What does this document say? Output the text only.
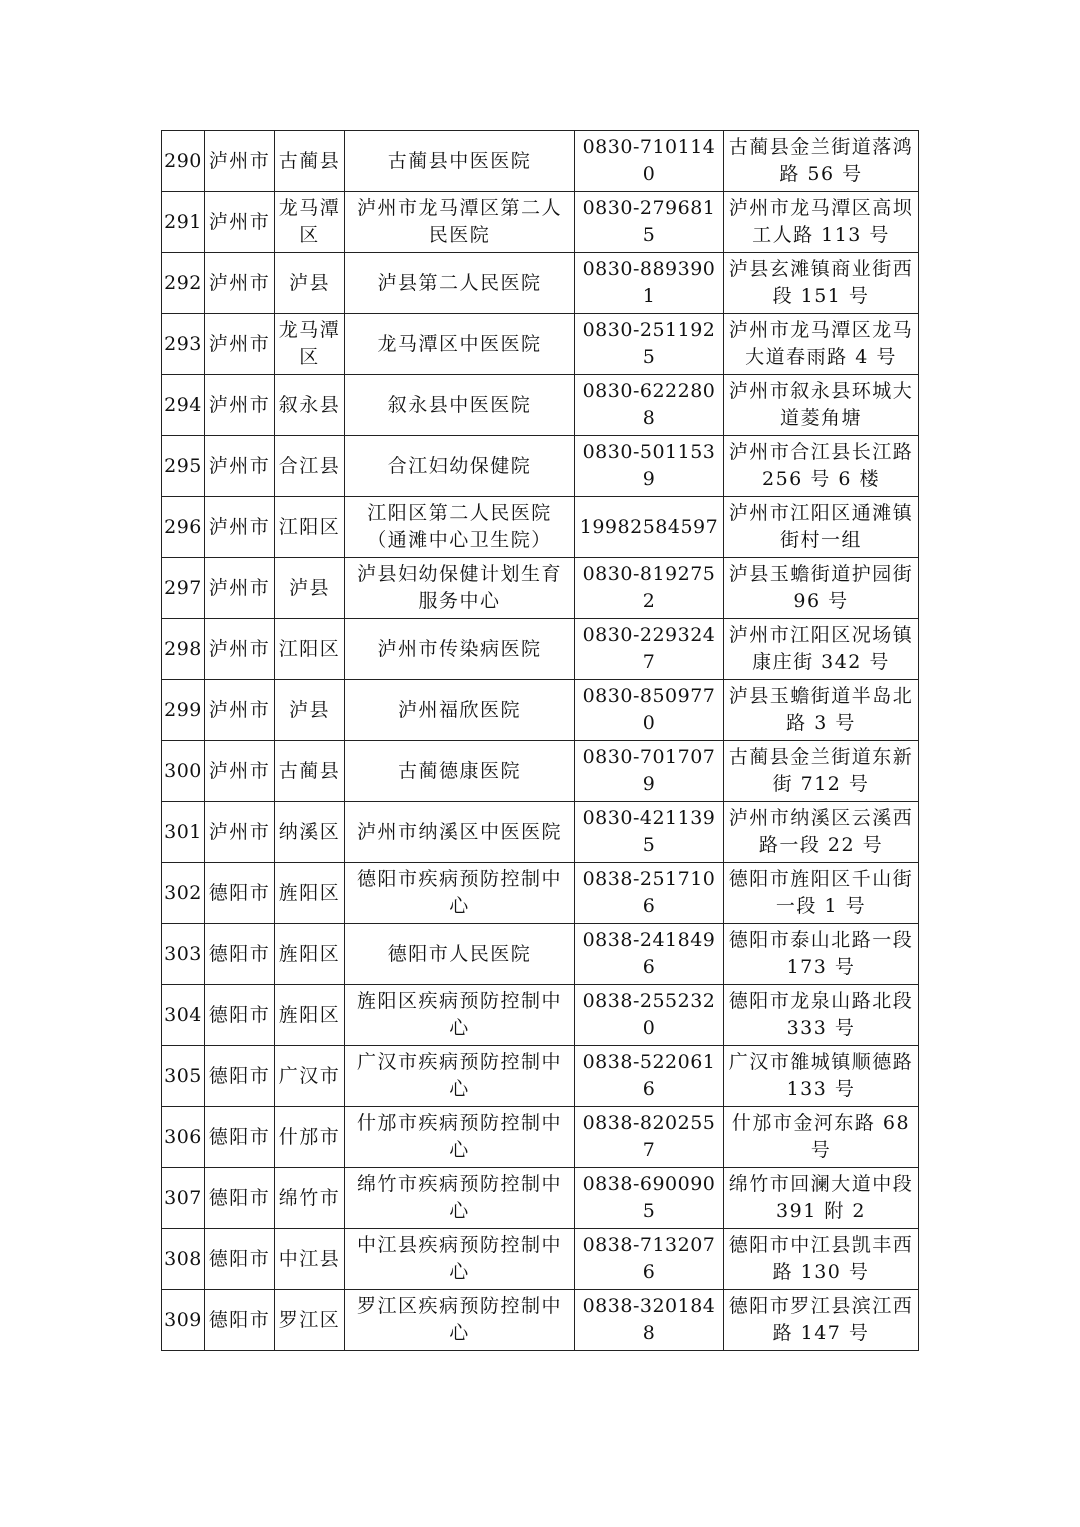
290	泸州市	古蔺县	古蔺县中医医院	0830-7101140	古蔺县金兰街道落鸿路 56 号
291	泸州市	龙马潭区	泸州市龙马潭区第二人民医院	0830-2796815	泸州市龙马潭区高坝工人路 113 号
292	泸州市	泸县	泸县第二人民医院	0830-8893901	泸县玄滩镇商业街西段 151 号
293	泸州市	龙马潭区	龙马潭区中医医院	0830-2511925	泸州市龙马潭区龙马大道春雨路 4 号
294	泸州市	叙永县	叙永县中医医院	0830-6222808	泸州市叙永县环城大道菱角塘
295	泸州市	合江县	合江妇幼保健院	0830-5011539	泸州市合江县长江路 256 号 6 楼
296	泸州市	江阳区	江阳区第二人民医院（通滩中心卫生院）	19982584597	泸州市江阳区通滩镇街村一组
297	泸州市	泸县	泸县妇幼保健计划生育服务中心	0830-8192752	泸县玉蟾街道护园街 96 号
298	泸州市	江阳区	泸州市传染病医院	0830-2293247	泸州市江阳区况场镇康庄街 342 号
299	泸州市	泸县	泸州福欣医院	0830-8509770	泸县玉蟾街道半岛北路 3 号
300	泸州市	古蔺县	古蔺德康医院	0830-7017079	古蔺县金兰街道东新街 712 号
301	泸州市	纳溪区	泸州市纳溪区中医医院	0830-4211395	泸州市纳溪区云溪西路一段 22 号
302	德阳市	旌阳区	德阳市疾病预防控制中心	0838-2517106	德阳市旌阳区千山街一段 1 号
303	德阳市	旌阳区	德阳市人民医院	0838-2418496	德阳市泰山北路一段 173 号
304	德阳市	旌阳区	旌阳区疾病预防控制中心	0838-2552320	德阳市龙泉山路北段 333 号
305	德阳市	广汉市	广汉市疾病预防控制中心	0838-5220616	广汉市雒城镇顺德路 133 号
306	德阳市	什邡市	什邡市疾病预防控制中心	0838-8202557	什邡市金河东路 68 号
307	德阳市	绵竹市	绵竹市疾病预防控制中心	0838-6900905	绵竹市回澜大道中段 391 附 2
308	德阳市	中江县	中江县疾病预防控制中心	0838-7132076	德阳市中江县凯丰西路 130 号
309	德阳市	罗江区	罗江区疾病预防控制中心	0838-3201848	德阳市罗江县滨江西路 147 号
